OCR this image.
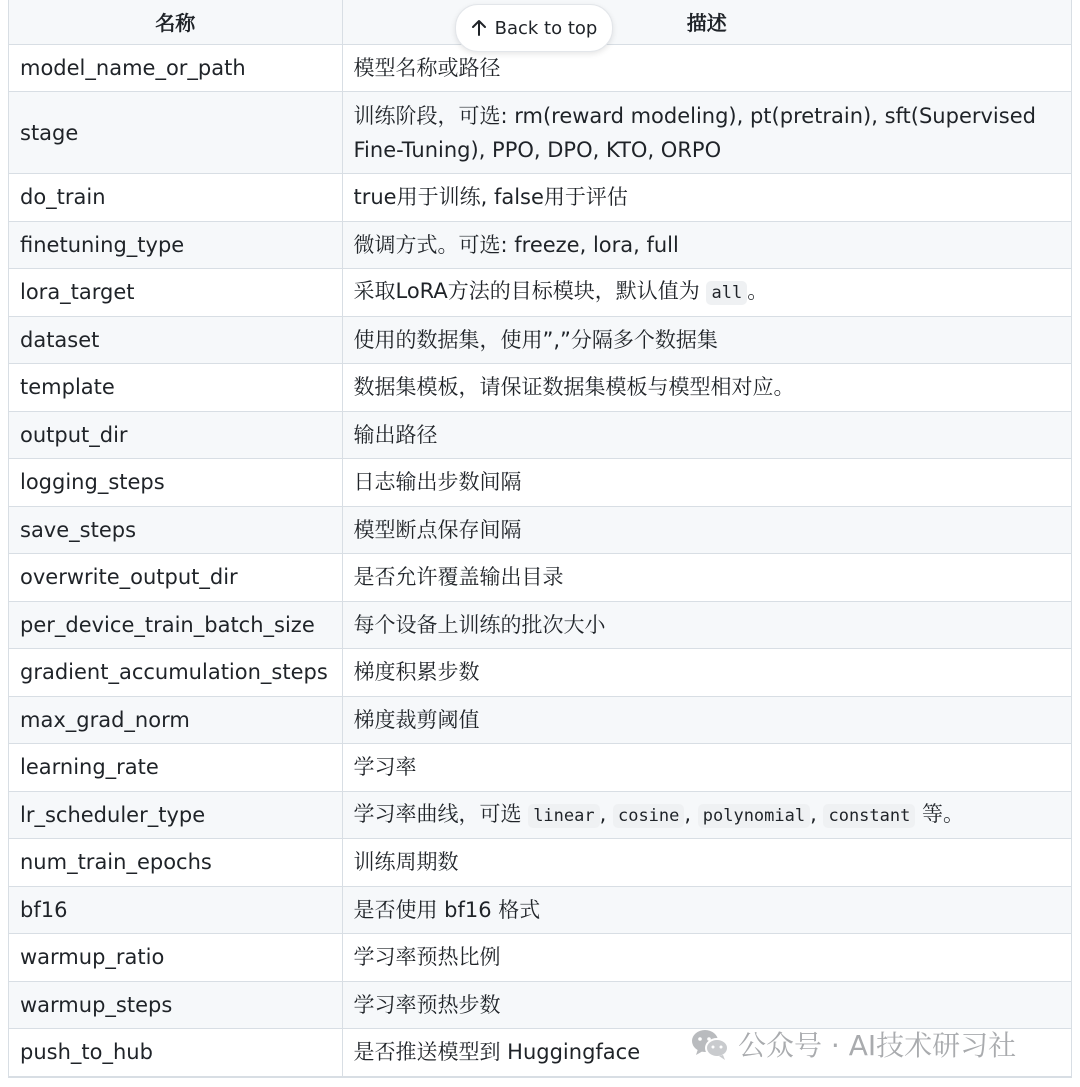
名称	描述
model_name_or_path	模型名称或路径
stage	训练阶段，可选: rm(reward modeling), pt(pretrain), sft(Supervised Fine-Tuning), PPO, DPO, KTO, ORPO
do_train	true用于训练, false用于评估
finetuning_type	微调方式。可选: freeze, lora, full
lora_target	采取LoRA方法的目标模块，默认值为 all 。
dataset	使用的数据集，使用”,”分隔多个数据集
template	数据集模板，请保证数据集模板与模型相对应。
output_dir	输出路径
logging_steps	日志输出步数间隔
save_steps	模型断点保存间隔
overwrite_output_dir	是否允许覆盖输出目录
per_device_train_batch_size	每个设备上训练的批次大小
gradient_accumulation_steps	梯度积累步数
max_grad_norm	梯度裁剪阈值
learning_rate	学习率
lr_scheduler_type	学习率曲线，可选 linear , cosine , polynomial , constant 等。
num_train_epochs	训练周期数
bf16	是否使用 bf16 格式
warmup_ratio	学习率预热比例
warmup_steps	学习率预热步数
push_to_hub	是否推送模型到 Huggingface
Back to top
公众号 · AI技术研习社
